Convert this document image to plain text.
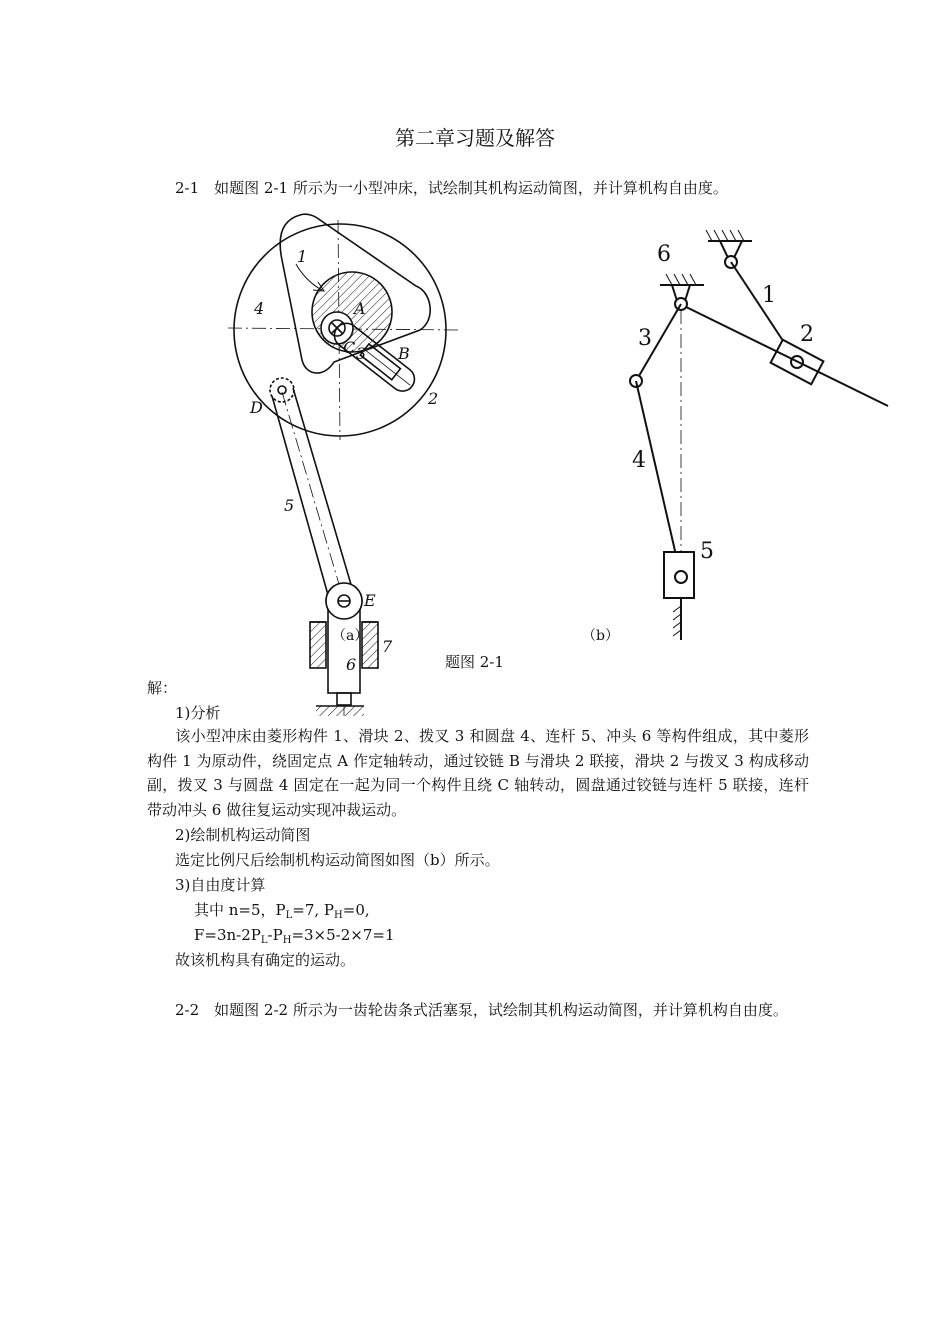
第二章习题及解答
2-1　如题图 2-1 所示为一小型冲床，试绘制其机构运动简图，并计算机构自由度。
1
4	A
C 3 B
2
D
5
E
7
6
（a）
6
1
2
3
4
5
（b）
题图 2-1
解：
1)分析
该小型冲床由菱形构件 1、滑块 2、拨叉 3 和圆盘 4、连杆 5、冲头 6 等构件组成，其中菱形构件 1 为原动件，绕固定点 A 作定轴转动，通过铰链 B 与滑块 2 联接，滑块 2 与拨叉 3 构成移动副，拨叉 3 与圆盘 4 固定在一起为同一个构件且绕 C 轴转动，圆盘通过铰链与连杆 5 联接，连杆带动冲头 6 做往复运动实现冲裁运动。
2)绘制机构运动简图
选定比例尺后绘制机构运动简图如图（b）所示。
3)自由度计算
其中 n=5，$P_L=7$, $P_H=0$,
$F=3n-2P_L-P_H=3\times 5-2\times 7=1$
故该机构具有确定的运动。
2-2　如题图 2-2 所示为一齿轮齿条式活塞泵，试绘制其机构运动简图，并计算机构自由度。
